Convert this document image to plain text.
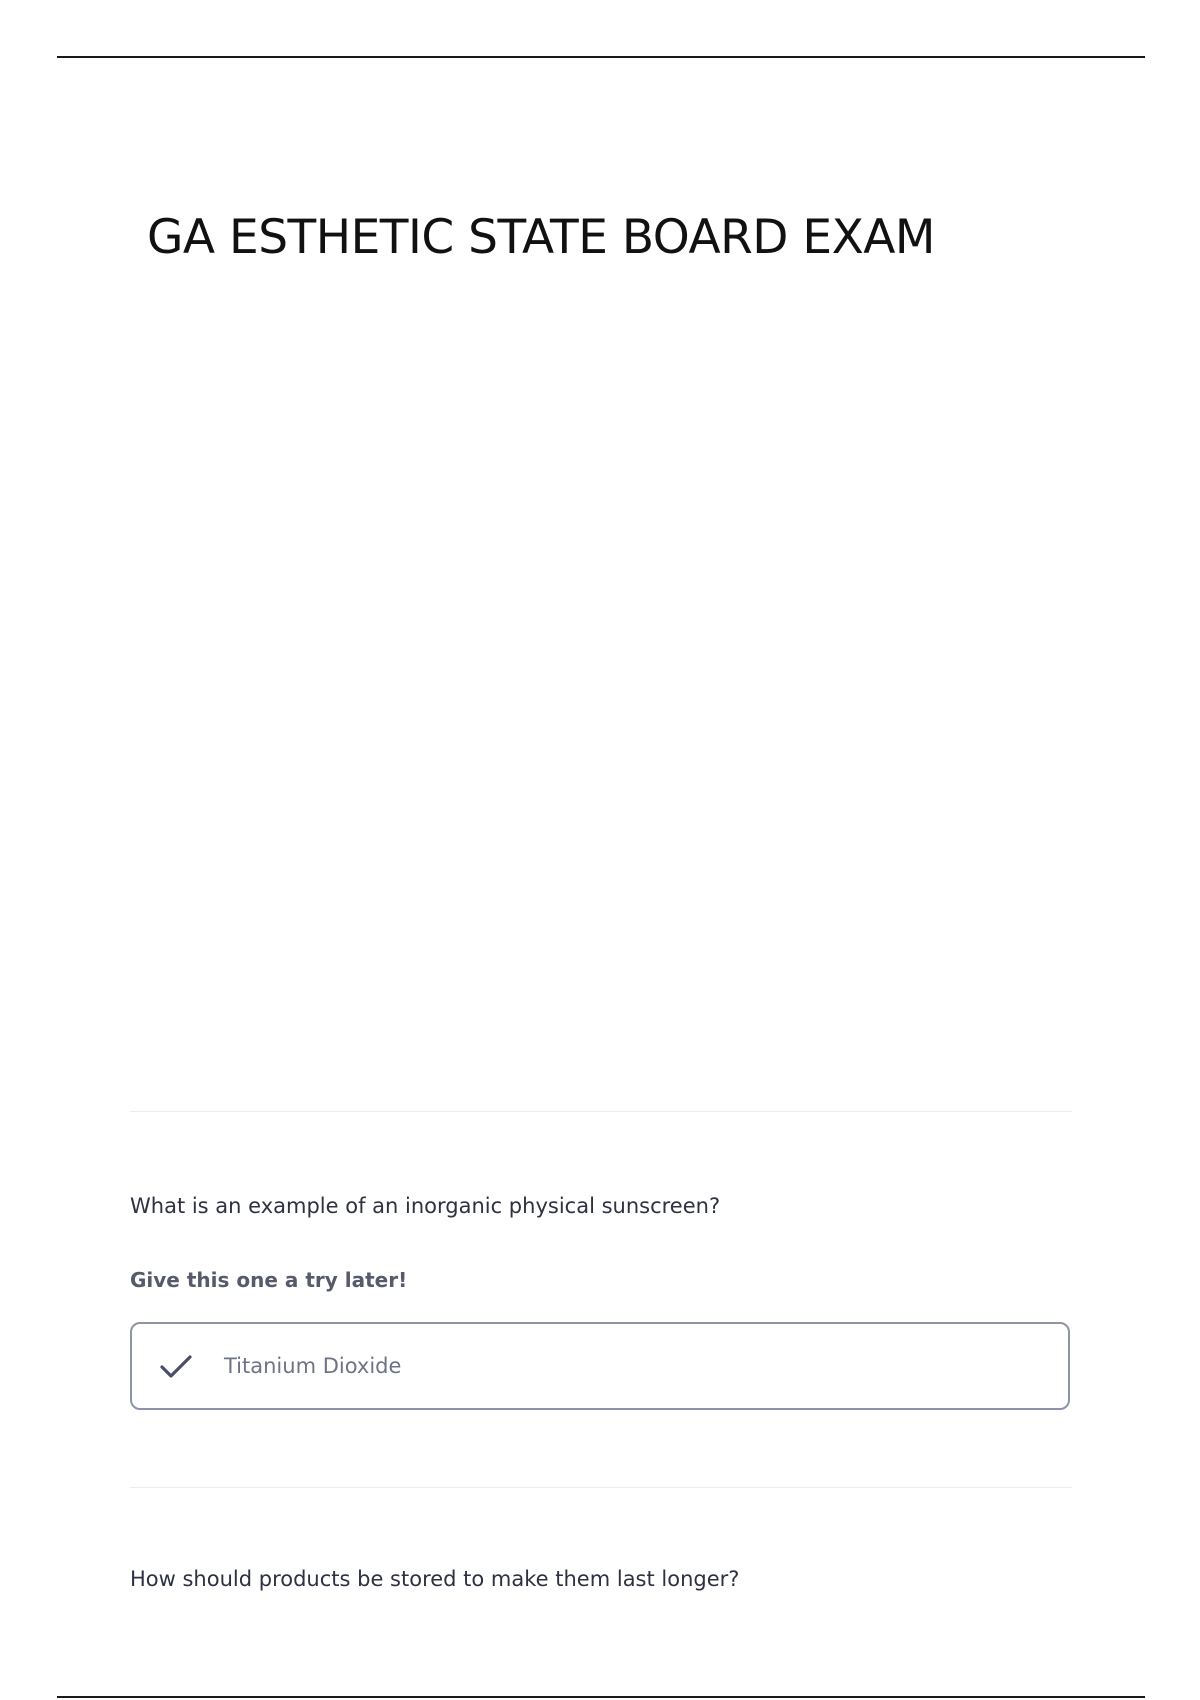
GA ESTHETIC STATE BOARD EXAM

What is an example of an inorganic physical sunscreen?

Give this one a try later!

Titanium Dioxide

How should products be stored to make them last longer?
